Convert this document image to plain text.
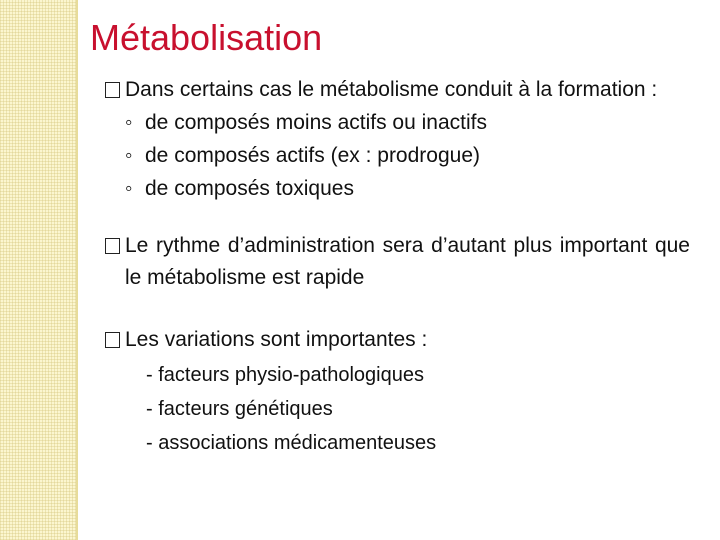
Métabolisation
Dans certains cas le métabolisme conduit à la formation :
◦ de composés moins actifs ou inactifs
◦ de composés actifs (ex : prodrogue)
◦ de composés toxiques
Le rythme d’administration sera d’autant plus important que le métabolisme est rapide
Les variations sont importantes :
- facteurs physio-pathologiques
- facteurs génétiques
- associations médicamenteuses
